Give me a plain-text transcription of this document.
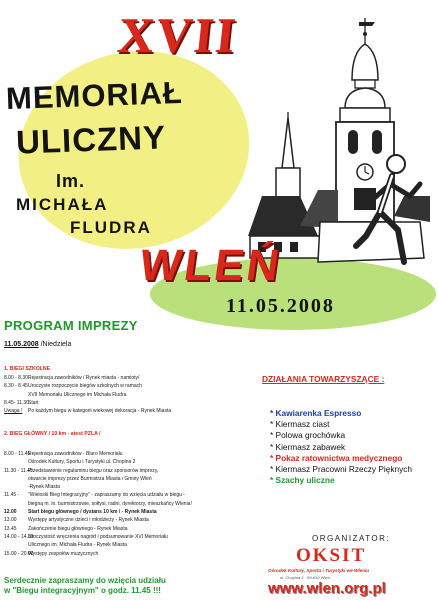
XVII
MEMORIAŁ
ULICZNY
Im.
MICHAŁA
FLUDRA
WLEŃ
11.05.2008
PROGRAM IMPREZY
11.05.2008 /Niedziela
1. BIEGI SZKOLNE
8.00 - 8.30 Rejestracja zawodników / Rynek miasta - namioty/
8.30 - 8.45 Uroczyste rozpoczęcie biegów szkolnych w ramach
XVII Memoriału Ulicznego im Michała Fludra
8.45- 11.30 Start
Uwaga !	Po każdym biegu w kategorii wiekowej dekoracja - Rynek Miasta
2. BIEG GŁÓWNY / 10 km - atest PZLA /
8.00 - 11.45
Rejestracja zawodników - Biuro Memoriału
Ośrodek Kultury, Sportu i Turystyki ul. Chopina 2
11.30 - 11.45
Przedstawienie regulaminu biegu oraz sponsorów imprezy,
otwarcie imprezy przez Burmistrza Miasta i Gminy Wleń
-Rynek Miasta
11.45 -	"Wieloski Bieg Integracyjny" - zapraszamy do wzięcia udziału w biegu -
biegną m. in. burmistrzowie, sołtysi, radni, dyrektorzy, mieszkańcy Wlenia!
12.00	Start biegu głównego / dystans 10 km / - Rynek Miasta
13.00	Występy artystyczne dzieci i młodzieży - Rynek Miasta
13.45	Zakończenie biegu głównego - Rynek Miasta
14.00 - 14.30
Uroczystość wręczenia nagród i podsumowanie XVI Memoriału
Ulicznego im. Michała Fludra - Rynek Miasta
15.00 - 20.00
Występy zespołów muzycznych
Serdecznie zapraszamy do wzięcia udziału
w "Biegu integracyjnym" o godz. 11.45 !!!
DZIAŁANIA TOWARZYSZĄCE :
* Kawiarenka Espresso
* Kiermasz ciast
* Polowa grochówka
* Kiermasz zabawek
* Pokaz ratownictwa medycznego
* Kiermasz Pracowni Rzeczy Pięknych
* Szachy uliczne
ORGANIZATOR:
OKSIT
Ośrodek Kultury, Sportu i Turystyki we Wleniu
ul. Chopina 2 · 59-610 Wleń
www.wlen.org.pl
